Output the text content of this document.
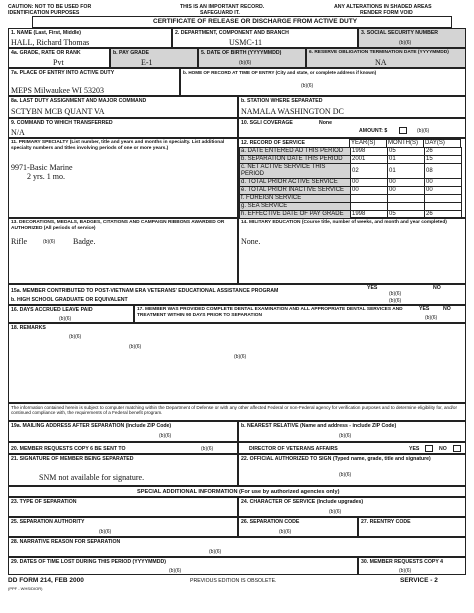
CAUTION: NOT TO BE USED FOR
IDENTIFICATION PURPOSES
THIS IS AN IMPORTANT RECORD.
SAFEGUARD IT.
ANY ALTERATIONS IN SHADED AREAS
RENDER FORM VOID
CERTIFICATE OF RELEASE OR DISCHARGE FROM ACTIVE DUTY
1. NAME (Last, First, Middle)
HALL, Richard Thomas
2. DEPARTMENT, COMPONENT AND BRANCH
USMC-11
3. SOCIAL SECURITY NUMBER
(b)(6)
4a. GRADE, RATE OR RANK
Pvt
b. PAY GRADE
E-1
5. DATE OF BIRTH (YYYYMMDD)
(b)(6)
6. RESERVE OBLIGATION TERMINATION DATE (YYYYMMDD)
NA
7a. PLACE OF ENTRY INTO ACTIVE DUTY
MEPS Milwaukee WI 53203
b. HOME OF RECORD AT TIME OF ENTRY (City and state, or complete address if known)
(b)(6)
8a. LAST DUTY ASSIGNMENT AND MAJOR COMMAND
SCTYBN MCB QUANT VA
b. STATION WHERE SEPARATED
NAMALA WASHINGTON DC
9. COMMAND TO WHICH TRANSFERRED
N/A
10. SGLI COVERAGE	None
AMOUNT: $	(b)(6)
11. PRIMARY SPECIALTY (List number, title and years and months in specialty. List additional specialty numbers and titles involving periods of one or more years.)
9971-Basic Marine
2 yrs. 1 mo.
12. RECORD OF SERVICE	YEAR(S)	MONTH(S)	DAY(S)
a. DATE ENTERED AD THIS PERIOD	1998	05	26
b. SEPARATION DATE THIS PERIOD	2001	01	15
c. NET ACTIVE SERVICE THIS PERIOD	02	01	08
d. TOTAL PRIOR ACTIVE SERVICE	00	00	00
e. TOTAL PRIOR INACTIVE SERVICE	00	00	00
f. FOREIGN SERVICE			
g. SEA SERVICE			
h. EFFECTIVE DATE OF PAY GRADE	1998	05	26
13. DECORATIONS, MEDALS, BADGES, CITATIONS AND CAMPAIGN RIBBONS AWARDED OR AUTHORIZED (All periods of service)
Rifle	(b)(6) Badge.
14. MILITARY EDUCATION (Course title, number of weeks, and month and year completed)
None.
15a. MEMBER CONTRIBUTED TO POST-VIETNAM ERA VETERANS' EDUCATIONAL ASSISTANCE PROGRAM
b. HIGH SCHOOL GRADUATE OR EQUIVALENT
YES	NO
(b)(6)
(b)(6)
16. DAYS ACCRUED LEAVE PAID
(b)(6)
17. MEMBER WAS PROVIDED COMPLETE DENTAL EXAMINATION AND ALL APPROPRIATE DENTAL SERVICES AND TREATMENT WITHIN 90 DAYS PRIOR TO SEPARATION
YES	NO
(b)(6)
18. REMARKS
(b)(6)
(b)(6)
(b)(6)
The information contained herein is subject to computer matching within the Department of Defense or with any other affected Federal or non-Federal agency for verification purposes and to determine eligibility for, and/or continued compliance with, the requirements of a Federal benefit program.
19a. MAILING ADDRESS AFTER SEPARATION (Include ZIP Code)
(b)(6)
b. NEAREST RELATIVE (Name and address - include ZIP Code)
(b)(6)
20. MEMBER REQUESTS COPY 6 BE SENT TO	(b)(6)	DIRECTOR OF VETERANS AFFAIRS	YES	NO
21. SIGNATURE OF MEMBER BEING SEPARATED
SNM not available for signature.
22. OFFICIAL AUTHORIZED TO SIGN (Typed name, grade, title and signature)
(b)(6)
SPECIAL ADDITIONAL INFORMATION (For use by authorized agencies only)
23. TYPE OF SEPARATION	24. CHARACTER OF SERVICE (Include upgrades)
(b)(6)
25. SEPARATION AUTHORITY
(b)(6)
26. SEPARATION CODE
(b)(6)
27. REENTRY CODE
28. NARRATIVE REASON FOR SEPARATION
(b)(6)
29. DATES OF TIME LOST DURING THIS PERIOD (YYYYMMDD)
(b)(6)
30. MEMBER REQUESTS COPY 4
(b)(6)
DD FORM 214, FEB 2000
(PPF - WHS/DIOR)
PREVIOUS EDITION IS OBSOLETE.	SERVICE - 2
